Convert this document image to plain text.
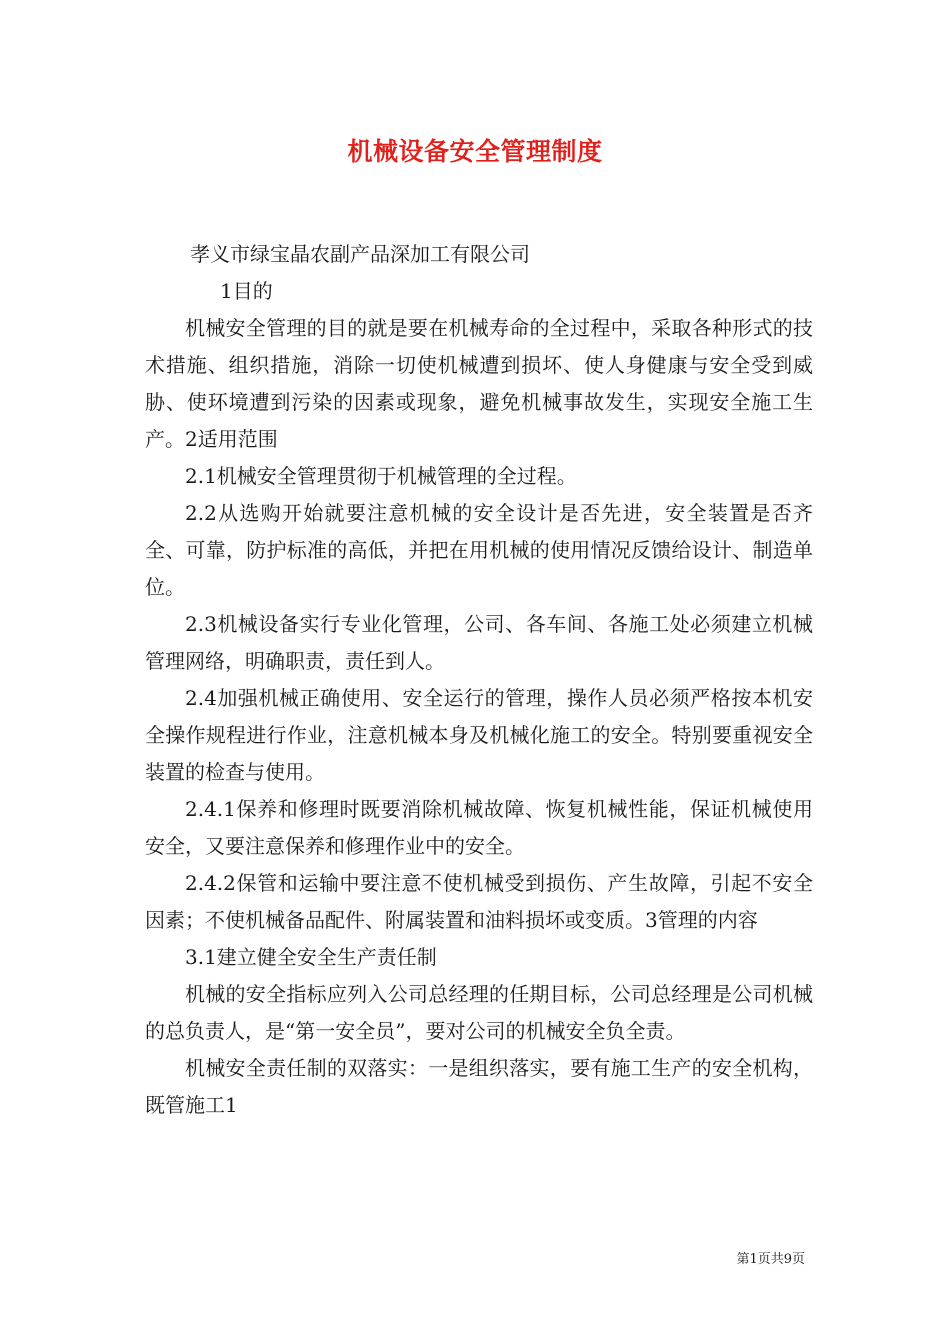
机械设备安全管理制度

孝义市绿宝晶农副产品深加工有限公司

1目的

机械安全管理的目的就是要在机械寿命的全过程中，采取各种形式的技术措施、组织措施，消除一切使机械遭到损坏、使人身健康与安全受到威胁、使环境遭到污染的因素或现象，避免机械事故发生，实现安全施工生产。2适用范围

2.1机械安全管理贯彻于机械管理的全过程。

2.2从选购开始就要注意机械的安全设计是否先进，安全装置是否齐全、可靠，防护标准的高低，并把在用机械的使用情况反馈给设计、制造单位。

2.3机械设备实行专业化管理，公司、各车间、各施工处必须建立机械管理网络，明确职责，责任到人。

2.4加强机械正确使用、安全运行的管理，操作人员必须严格按本机安全操作规程进行作业，注意机械本身及机械化施工的安全。特别要重视安全装置的检查与使用。

2.4.1保养和修理时既要消除机械故障、恢复机械性能，保证机械使用安全，又要注意保养和修理作业中的安全。

2.4.2保管和运输中要注意不使机械受到损伤、产生故障，引起不安全因素；不使机械备品配件、附属装置和油料损坏或变质。3管理的内容

3.1建立健全安全生产责任制

机械的安全指标应列入公司总经理的任期目标，公司总经理是公司机械的总负责人，是“第一安全员”，要对公司的机械安全负全责。

机械安全责任制的双落实：一是组织落实，要有施工生产的安全机构，既管施工1

第1页共9页
